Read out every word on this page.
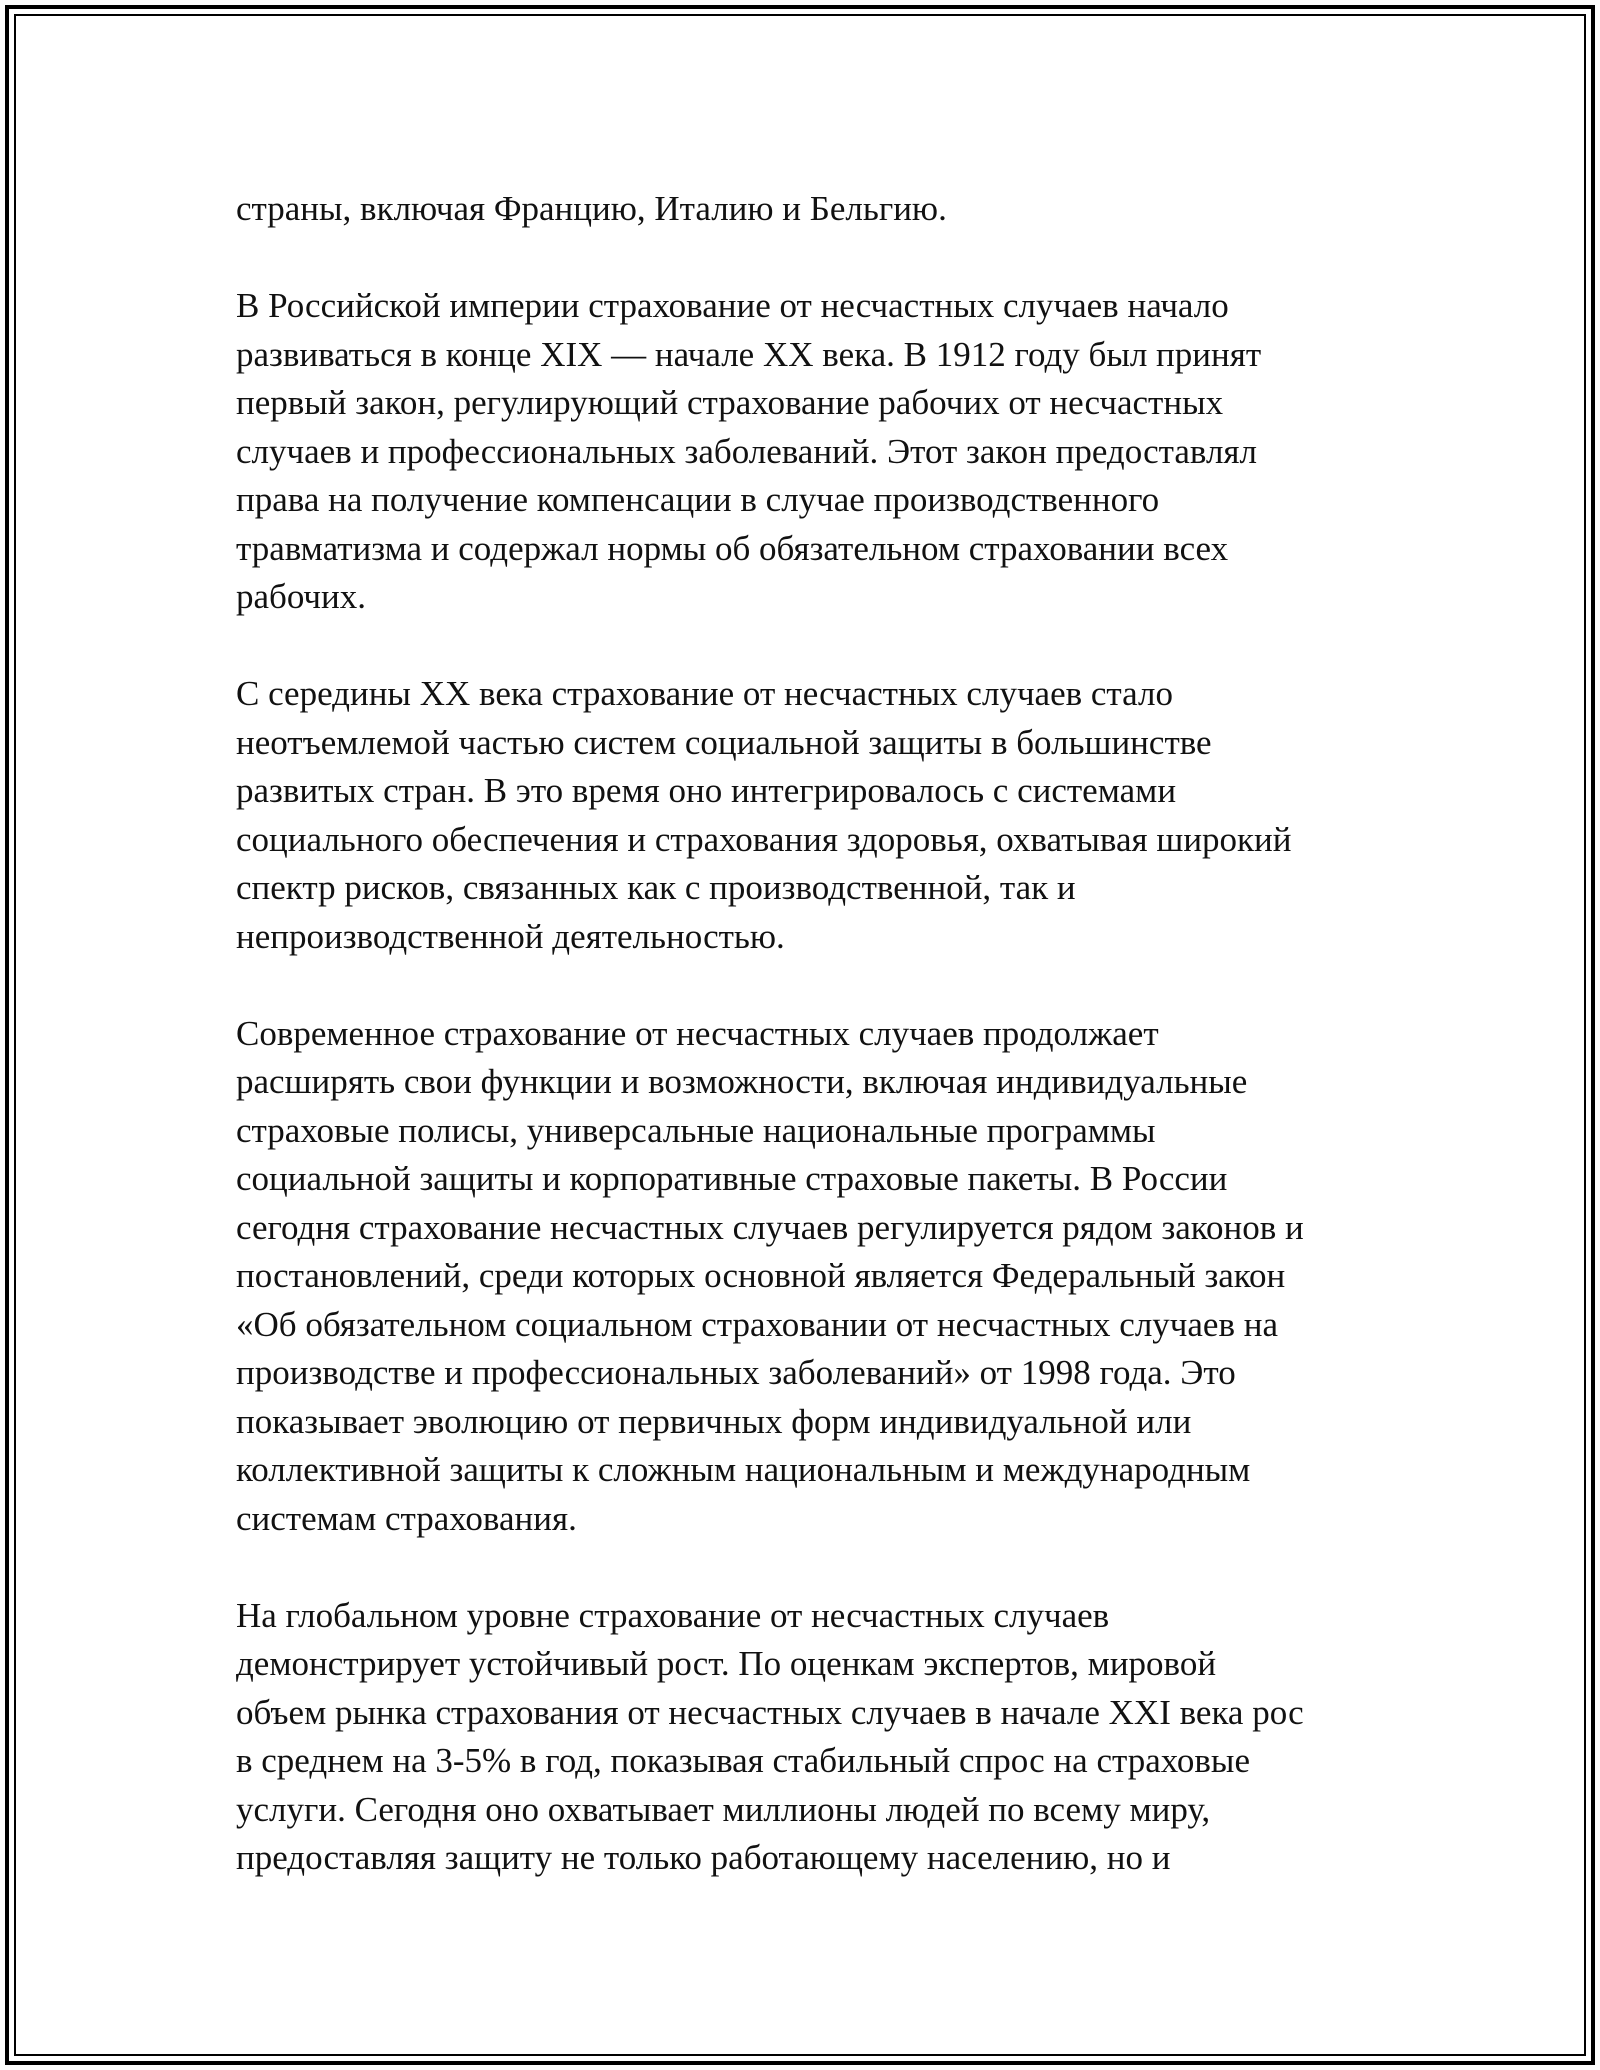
страны, включая Францию, Италию и Бельгию.

В Российской империи страхование от несчастных случаев начало
развиваться в конце XIX — начале XX века. В 1912 году был принят
первый закон, регулирующий страхование рабочих от несчастных
случаев и профессиональных заболеваний. Этот закон предоставлял
права на получение компенсации в случае производственного
травматизма и содержал нормы об обязательном страховании всех
рабочих.

С середины XX века страхование от несчастных случаев стало
неотъемлемой частью систем социальной защиты в большинстве
развитых стран. В это время оно интегрировалось с системами
социального обеспечения и страхования здоровья, охватывая широкий
спектр рисков, связанных как с производственной, так и
непроизводственной деятельностью.

Современное страхование от несчастных случаев продолжает
расширять свои функции и возможности, включая индивидуальные
страховые полисы, универсальные национальные программы
социальной защиты и корпоративные страховые пакеты. В России
сегодня страхование несчастных случаев регулируется рядом законов и
постановлений, среди которых основной является Федеральный закон
«Об обязательном социальном страховании от несчастных случаев на
производстве и профессиональных заболеваний» от 1998 года. Это
показывает эволюцию от первичных форм индивидуальной или
коллективной защиты к сложным национальным и международным
системам страхования.

На глобальном уровне страхование от несчастных случаев
демонстрирует устойчивый рост. По оценкам экспертов, мировой
объем рынка страхования от несчастных случаев в начале XXI века рос
в среднем на 3-5% в год, показывая стабильный спрос на страховые
услуги. Сегодня оно охватывает миллионы людей по всему миру,
предоставляя защиту не только работающему населению, но и
